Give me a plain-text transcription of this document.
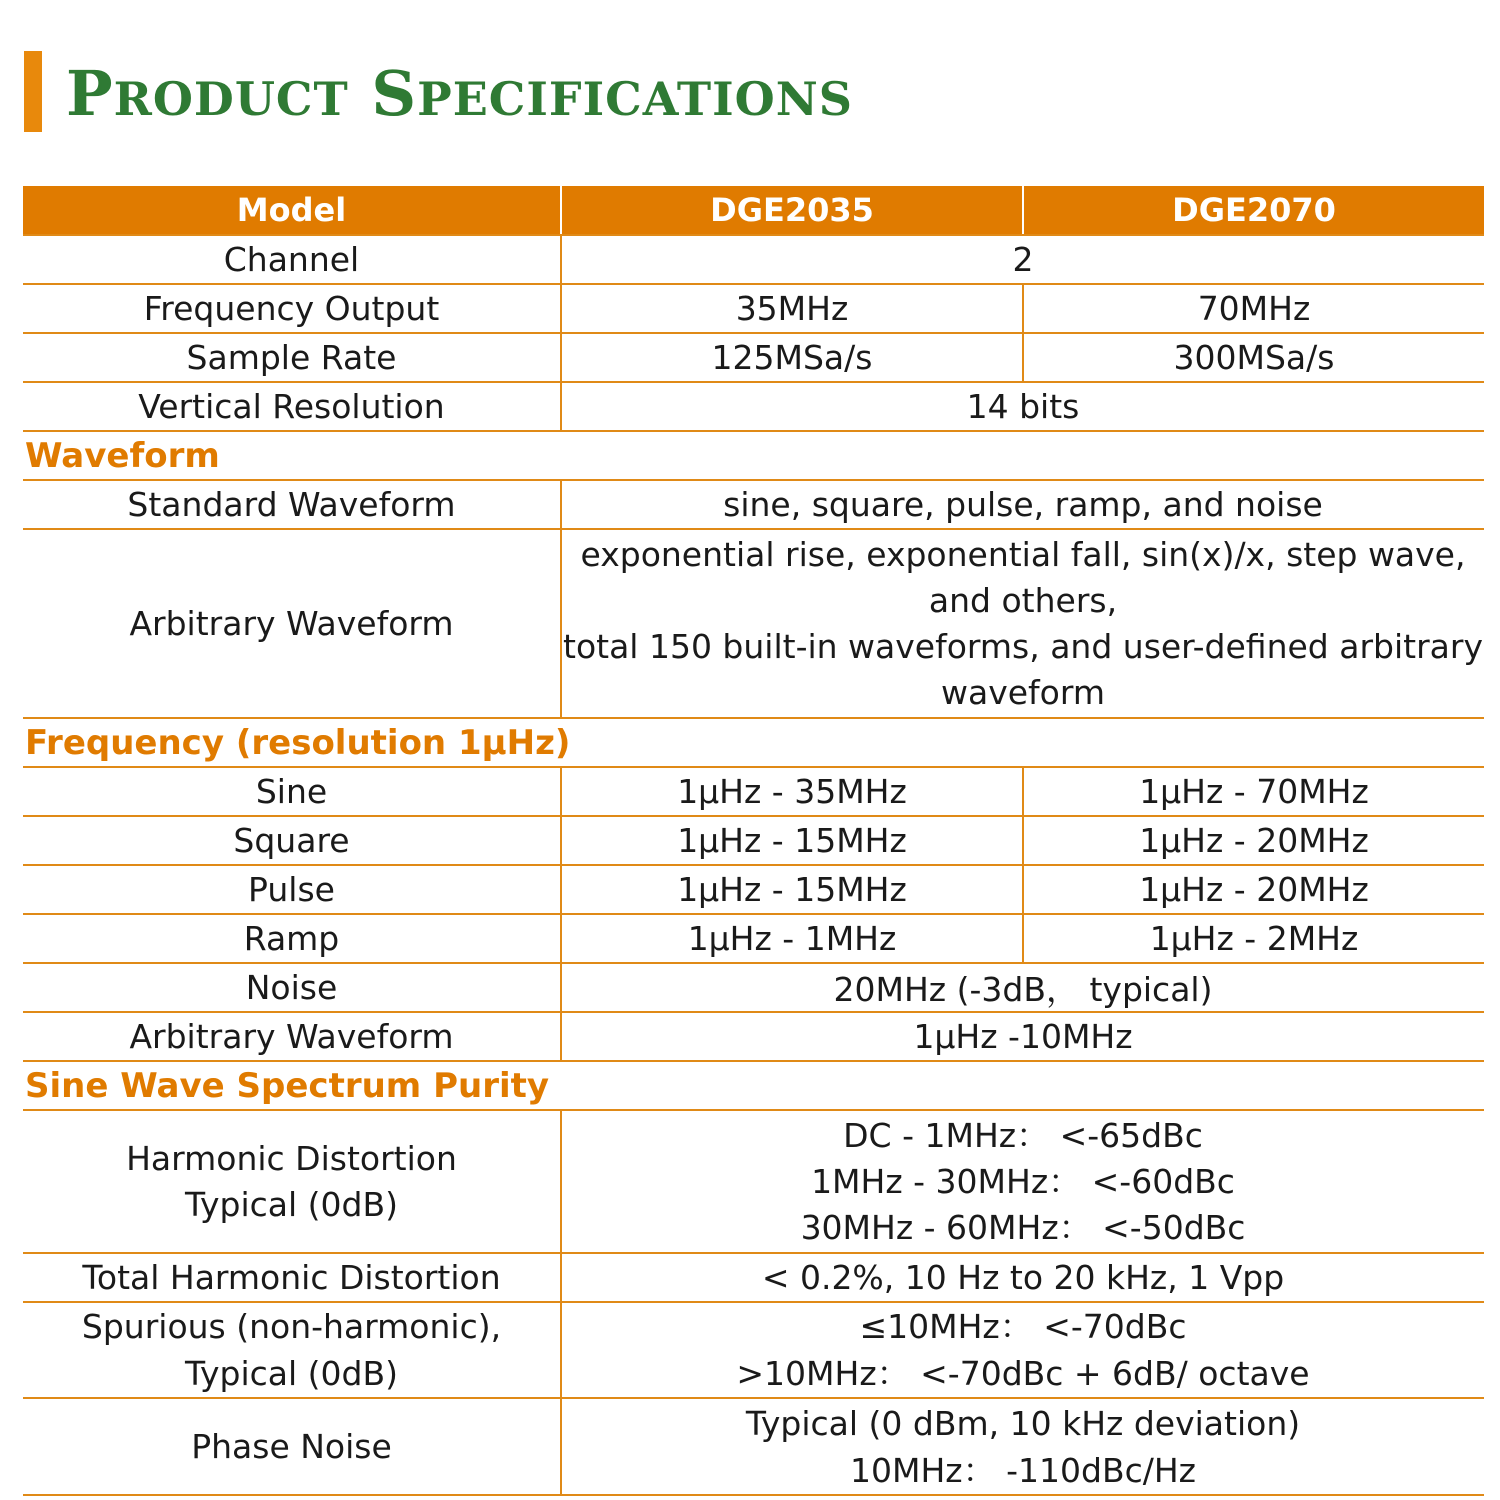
PRODUCT SPECIFICATIONS
Model	DGE2035	DGE2070
Channel	2	
Frequency Output	35MHz	70MHz
Sample Rate	125MSa/s	300MSa/s
Vertical Resolution	14 bits	
Waveform		
Standard Waveform	sine, square, pulse, ramp, and noise	
Arbitrary Waveform	exponential rise, exponential fall, sin(x)/x, step wave,
and others,
total 150 built-in waveforms, and user-defined arbitrary
waveform	

Frequency (resolution 1μHz)		
Sine	1μHz - 35MHz	1μHz - 70MHz
Square	1μHz - 15MHz	1μHz - 20MHz
Pulse	1μHz - 15MHz	1μHz - 20MHz
Ramp	1μHz - 1MHz	1μHz - 2MHz
Noise	20MHz (-3dB， typical)	
Arbitrary Waveform	1μHz -10MHz	
Sine Wave Spectrum Purity		

Harmonic Distortion
Typical (0dB)	DC - 1MHz： <-65dBc
1MHz - 30MHz： <-60dBc
30MHz - 60MHz： <-50dBc	

Total Harmonic Distortion	< 0.2%, 10 Hz to 20 kHz, 1 Vpp	

Spurious (non-harmonic),
Typical (0dB)	≤10MHz： <-70dBc
>10MHz： <-70dBc + 6dB/ octave	

Phase Noise	Typical (0 dBm, 10 kHz deviation)
10MHz： -110dBc/Hz	
